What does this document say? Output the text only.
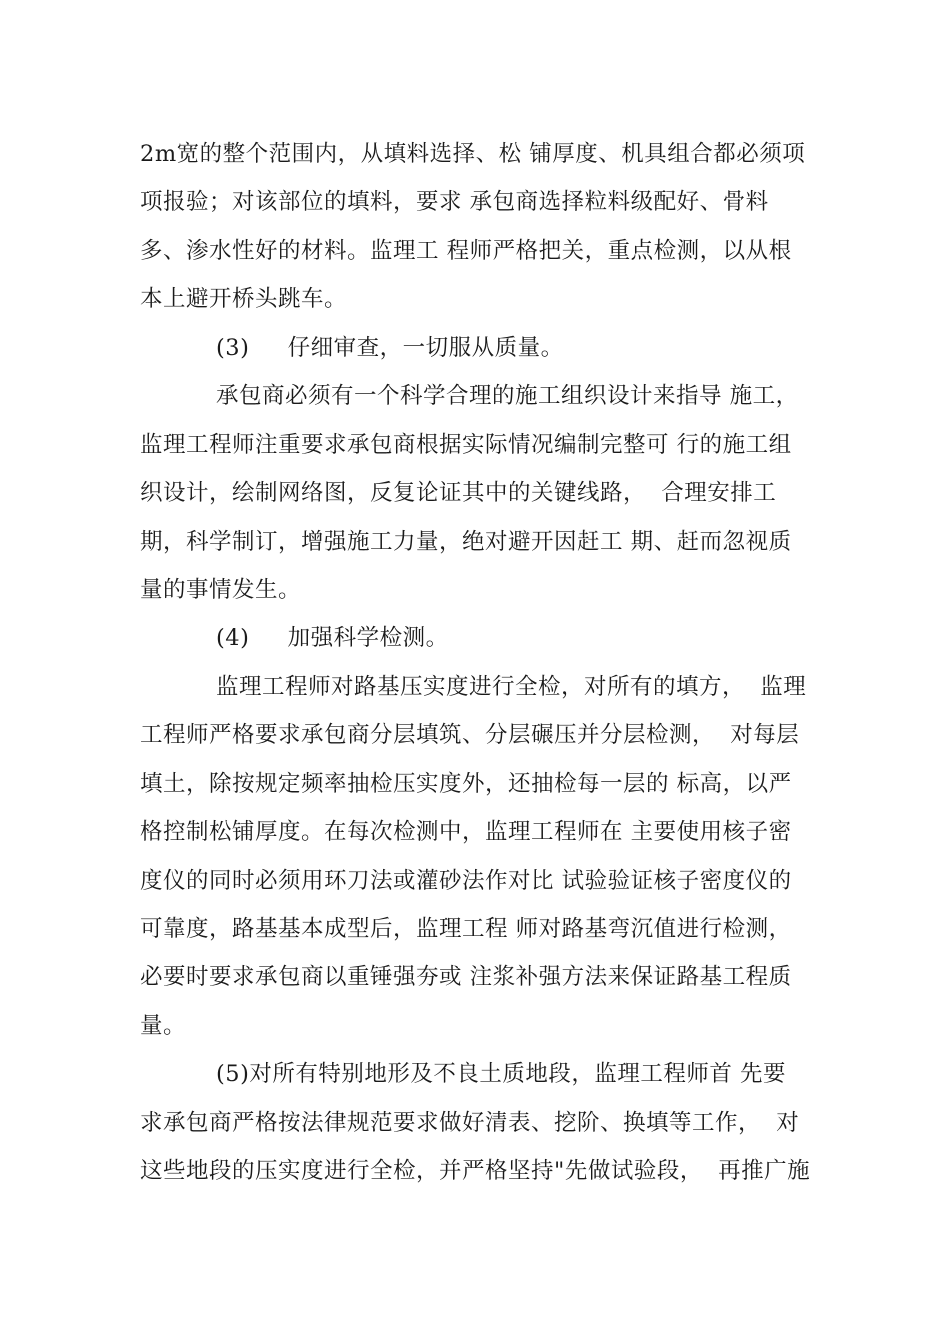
2m宽的整个范围内，从填料选择、松 铺厚度、机具组合都必须项
项报验；对该部位的填料，要求 承包商选择粒料级配好、骨料
多、渗水性好的材料。监理工 程师严格把关，重点检测，以从根
本上避开桥头跳车。
(3)     仔细审查，一切服从质量。
承包商必须有一个科学合理的施工组织设计来指导 施工，
监理工程师注重要求承包商根据实际情况编制完整可 行的施工组
织设计，绘制网络图，反复论证其中的关键线路，  合理安排工
期，科学制订，增强施工力量，绝对避开因赶工 期、赶而忽视质
量的事情发生。
(4)     加强科学检测。
监理工程师对路基压实度进行全检，对所有的填方，  监理
工程师严格要求承包商分层填筑、分层碾压并分层检测，  对每层
填土，除按规定频率抽检压实度外，还抽检每一层的 标高，以严
格控制松铺厚度。在每次检测中，监理工程师在 主要使用核子密
度仪的同时必须用环刀法或灌砂法作对比 试验验证核子密度仪的
可靠度，路基基本成型后，监理工程 师对路基弯沉值进行检测，
必要时要求承包商以重锤强夯或 注浆补强方法来保证路基工程质
量。
(5)对所有特别地形及不良土质地段，监理工程师首 先要
求承包商严格按法律规范要求做好清表、挖阶、换填等工作，  对
这些地段的压实度进行全检，并严格坚持"先做试验段，  再推广施
